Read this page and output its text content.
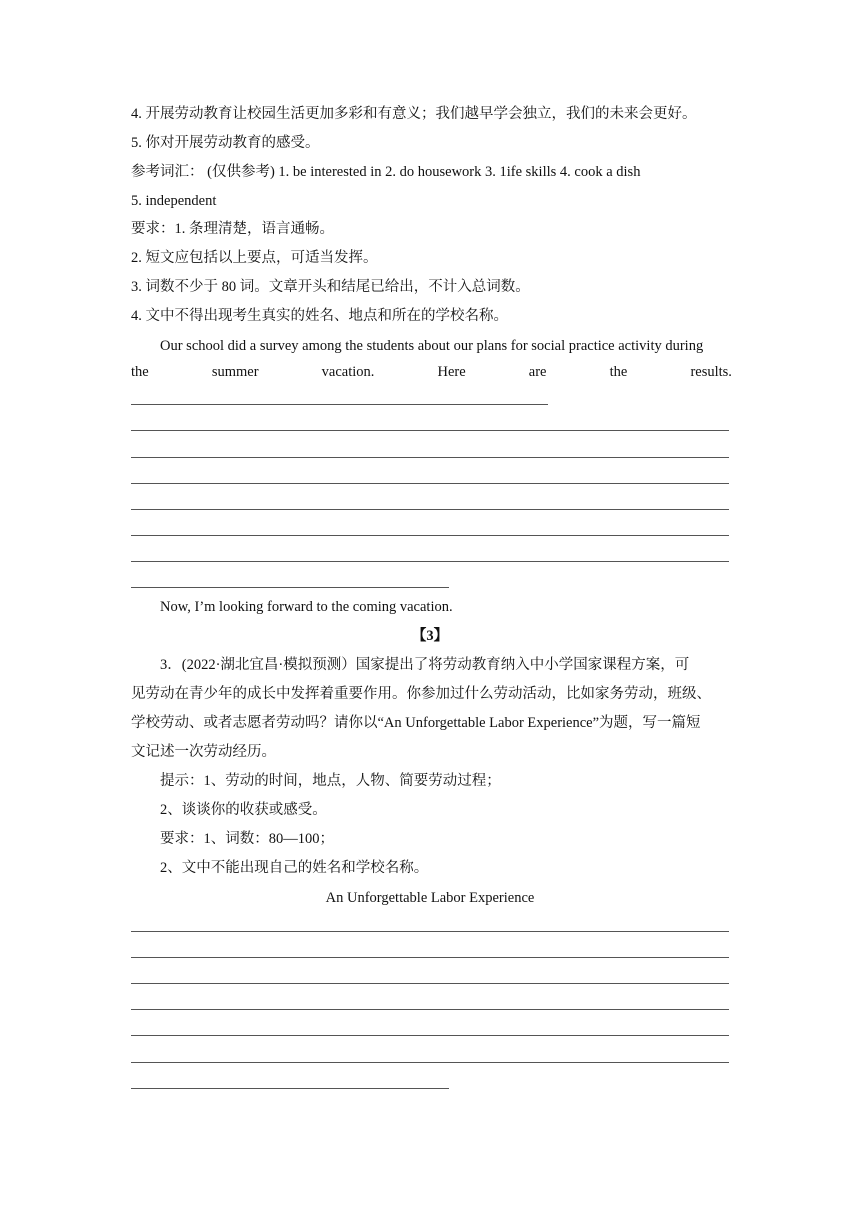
4. 开展劳动教育让校园生活更加多彩和有意义；我们越早学会独立，我们的未来会更好。
5. 你对开展劳动教育的感受。
参考词汇： (仅供参考) 1. be interested in 2. do housework 3. 1ife skills 4. cook a dish
5. independent
要求：1. 条理清楚，语言通畅。
2. 短文应包括以上要点，可适当发挥。
3. 词数不少于 80 词。文章开头和结尾已给出，不计入总词数。
4. 文中不得出现考生真实的姓名、地点和所在的学校名称。
Our school did a survey among the students about our plans for social practice activity during
the	summer	vacation.	Here	are	the	results.
Now, I’m looking forward to the coming vacation.
【3】
3．(2022·湖北宜昌·模拟预测）国家提出了将劳动教育纳入中小学国家课程方案，可
见劳动在青少年的成长中发挥着重要作用。你参加过什么劳动活动，比如家务劳动，班级、
学校劳动、或者志愿者劳动吗？请你以“An Unforgettable Labor Experience”为题，写一篇短
文记述一次劳动经历。
提示：1、劳动的时间，地点，人物、简要劳动过程；
2、谈谈你的收获或感受。
要求：1、词数：80—100；
2、文中不能出现自己的姓名和学校名称。
An Unforgettable Labor Experience
